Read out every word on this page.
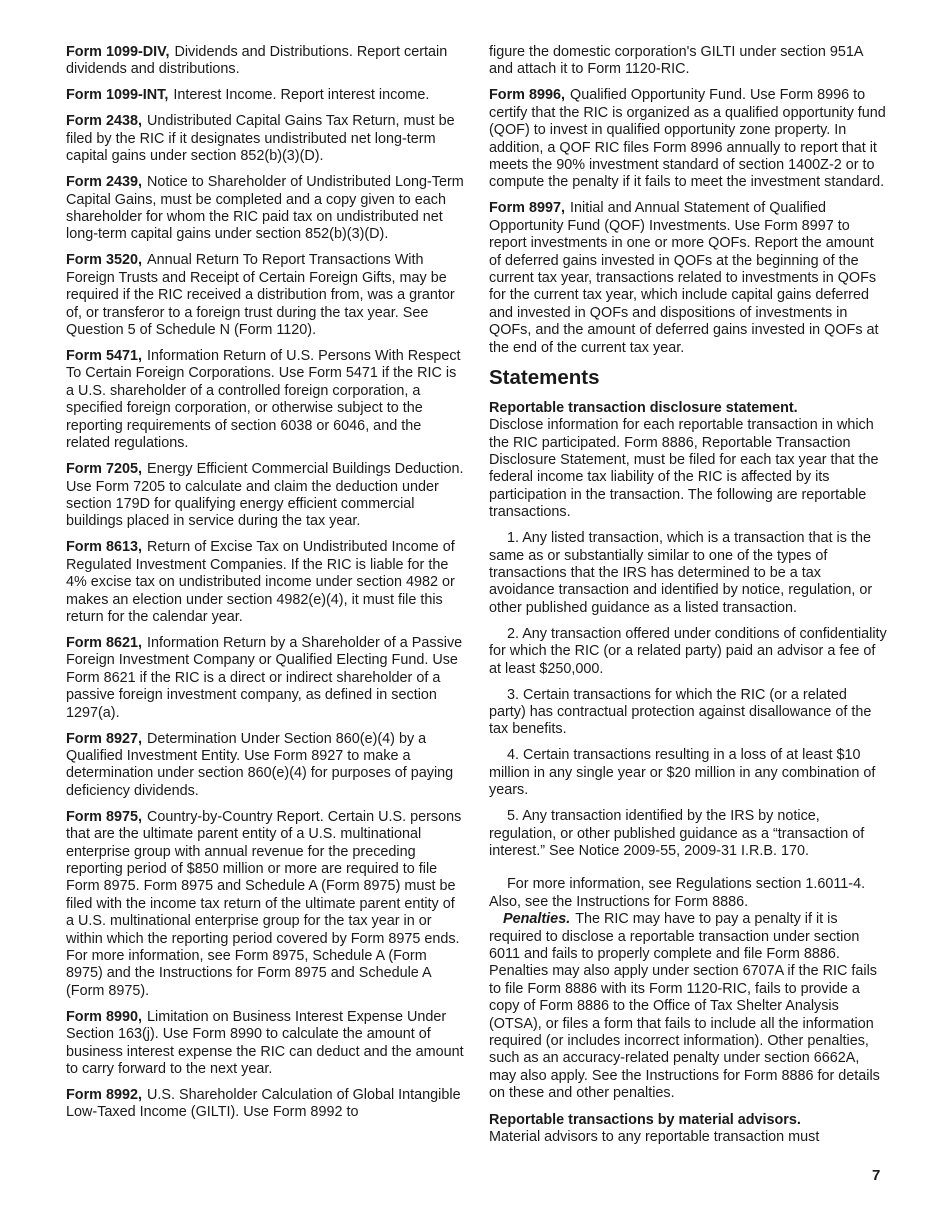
Form 1099-DIV, Dividends and Distributions. Report certain dividends and distributions.

Form 1099-INT, Interest Income. Report interest income.

Form 2438, Undistributed Capital Gains Tax Return, must be filed by the RIC if it designates undistributed net long-term capital gains under section 852(b)(3)(D).

Form 2439, Notice to Shareholder of Undistributed Long-Term Capital Gains, must be completed and a copy given to each shareholder for whom the RIC paid tax on undistributed net long-term capital gains under section 852(b)(3)(D).

Form 3520, Annual Return To Report Transactions With Foreign Trusts and Receipt of Certain Foreign Gifts, may be required if the RIC received a distribution from, was a grantor of, or transferor to a foreign trust during the tax year. See Question 5 of Schedule N (Form 1120).

Form 5471, Information Return of U.S. Persons With Respect To Certain Foreign Corporations. Use Form 5471 if the RIC is a U.S. shareholder of a controlled foreign corporation, a specified foreign corporation, or otherwise subject to the reporting requirements of section 6038 or 6046, and the related regulations.

Form 7205, Energy Efficient Commercial Buildings Deduction. Use Form 7205 to calculate and claim the deduction under section 179D for qualifying energy efficient commercial buildings placed in service during the tax year.

Form 8613, Return of Excise Tax on Undistributed Income of Regulated Investment Companies. If the RIC is liable for the 4% excise tax on undistributed income under section 4982 or makes an election under section 4982(e)(4), it must file this return for the calendar year.

Form 8621, Information Return by a Shareholder of a Passive Foreign Investment Company or Qualified Electing Fund. Use Form 8621 if the RIC is a direct or indirect shareholder of a passive foreign investment company, as defined in section 1297(a).

Form 8927, Determination Under Section 860(e)(4) by a Qualified Investment Entity. Use Form 8927 to make a determination under section 860(e)(4) for purposes of paying deficiency dividends.

Form 8975, Country-by-Country Report. Certain U.S. persons that are the ultimate parent entity of a U.S. multinational enterprise group with annual revenue for the preceding reporting period of $850 million or more are required to file Form 8975. Form 8975 and Schedule A (Form 8975) must be filed with the income tax return of the ultimate parent entity of a U.S. multinational enterprise group for the tax year in or within which the reporting period covered by Form 8975 ends. For more information, see Form 8975, Schedule A (Form 8975) and the Instructions for Form 8975 and Schedule A (Form 8975).

Form 8990, Limitation on Business Interest Expense Under Section 163(j). Use Form 8990 to calculate the amount of business interest expense the RIC can deduct and the amount to carry forward to the next year.

Form 8992, U.S. Shareholder Calculation of Global Intangible Low-Taxed Income (GILTI). Use Form 8992 to

figure the domestic corporation's GILTI under section 951A and attach it to Form 1120-RIC.

Form 8996, Qualified Opportunity Fund. Use Form 8996 to certify that the RIC is organized as a qualified opportunity fund (QOF) to invest in qualified opportunity zone property. In addition, a QOF RIC files Form 8996 annually to report that it meets the 90% investment standard of section 1400Z-2 or to compute the penalty if it fails to meet the investment standard.

Form 8997, Initial and Annual Statement of Qualified Opportunity Fund (QOF) Investments. Use Form 8997 to report investments in one or more QOFs. Report the amount of deferred gains invested in QOFs at the beginning of the current tax year, transactions related to investments in QOFs for the current tax year, which include capital gains deferred and invested in QOFs and dispositions of investments in QOFs, and the amount of deferred gains invested in QOFs at the end of the current tax year.

Statements

Reportable transaction disclosure statement.
Disclose information for each reportable transaction in which the RIC participated. Form 8886, Reportable Transaction Disclosure Statement, must be filed for each tax year that the federal income tax liability of the RIC is affected by its participation in the transaction. The following are reportable transactions.

1. Any listed transaction, which is a transaction that is the same as or substantially similar to one of the types of transactions that the IRS has determined to be a tax avoidance transaction and identified by notice, regulation, or other published guidance as a listed transaction.

2. Any transaction offered under conditions of confidentiality for which the RIC (or a related party) paid an advisor a fee of at least $250,000.

3. Certain transactions for which the RIC (or a related party) has contractual protection against disallowance of the tax benefits.

4. Certain transactions resulting in a loss of at least $10 million in any single year or $20 million in any combination of years.

5. Any transaction identified by the IRS by notice, regulation, or other published guidance as a “transaction of interest.” See Notice 2009-55, 2009-31 I.R.B. 170.

For more information, see Regulations section 1.6011-4. Also, see the Instructions for Form 8886.

Penalties. The RIC may have to pay a penalty if it is required to disclose a reportable transaction under section 6011 and fails to properly complete and file Form 8886. Penalties may also apply under section 6707A if the RIC fails to file Form 8886 with its Form 1120-RIC, fails to provide a copy of Form 8886 to the Office of Tax Shelter Analysis (OTSA), or files a form that fails to include all the information required (or includes incorrect information). Other penalties, such as an accuracy-related penalty under section 6662A, may also apply. See the Instructions for Form 8886 for details on these and other penalties.

Reportable transactions by material advisors.
Material advisors to any reportable transaction must

7
